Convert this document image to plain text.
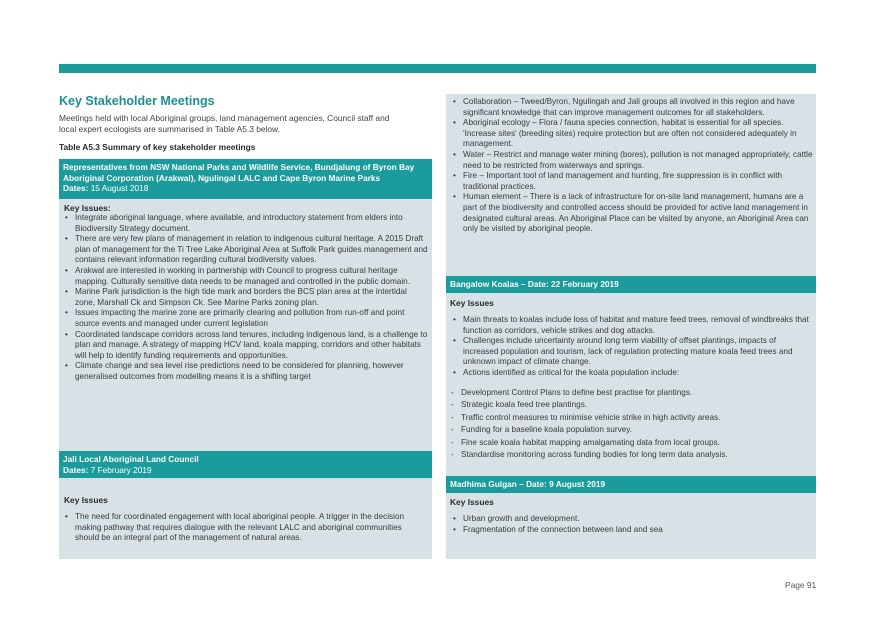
Key Stakeholder Meetings
Meetings held with local Aboriginal groups, land management agencies, Council staff and local expert ecologists are summarised in Table A5.3 below.
Table A5.3 Summary of key stakeholder meetings
Representatives from NSW National Parks and Wildlife Service, Bundjalung of Byron Bay Aboriginal Corporation (Arakwal), Ngulingal LALC and Cape Byron Marine Parks
Dates: 15 August 2018
Key Issues:
• Integrate aboriginal language, where available, and introductory statement from elders into Biodiversity Strategy document.
• There are very few plans of management in relation to indigenous cultural heritage. A 2015 Draft plan of management for the Ti Tree Lake Aboriginal Area at Suffolk Park guides management and contains relevant information regarding cultural biodiversity values.
• Arakwal are interested in working in partnership with Council to progress cultural heritage mapping. Culturally sensitive data needs to be managed and controlled in the public domain.
• Marine Park jurisdiction is the high tide mark and borders the BCS plan area at the intertidal zone, Marshall Ck and Simpson Ck. See Marine Parks zoning plan.
• Issues impacting the marine zone are primarily clearing and pollution from run-off and point source events and managed under current legislation
• Coordinated landscape corridors across land tenures, including indigenous land, is a challenge to plan and manage. A strategy of mapping HCV land, koala mapping, corridors and other habitats will help to identify funding requirements and opportunities.
• Climate change and sea level rise predictions need to be considered for planning, however generalised outcomes from modelling means it is a shifting target
Jali Local Aboriginal Land Council
Dates: 7 February 2019
Key Issues
• The need for coordinated engagement with local aboriginal people. A trigger in the decision making pathway that requires dialogue with the relevant LALC and aboriginal communities should be an integral part of the management of natural areas.
• Collaboration – Tweed/Byron, Ngulingah and Jali groups all involved in this region and have significant knowledge that can improve management outcomes for all stakeholders.
• Aboriginal ecology – Flora / fauna species connection, habitat is essential for all species. 'Increase sites' (breeding sites) require protection but are often not considered adequately in management.
• Water – Restrict and manage water mining (bores), pollution is not managed appropriately, cattle need to be restricted from waterways and springs.
• Fire – Important tool of land management and hunting, fire suppression is in conflict with traditional practices.
• Human element – There is a lack of infrastructure for on-site land management, humans are a part of the biodiversity and controlled access should be provided for active land management in designated cultural areas. An Aboriginal Place can be visited by anyone, an Aboriginal Area can only be visited by aboriginal people.
Bangalow Koalas – Date: 22 February 2019
Key Issues
• Main threats to koalas include loss of habitat and mature feed trees, removal of windbreaks that function as corridors, vehicle strikes and dog attacks.
• Challenges include uncertainty around long term viability of offset plantings, impacts of increased population and tourism, lack of regulation protecting mature koala feed trees and unknown impact of climate change.
• Actions identified as critical for the koala population include:
- Development Control Plans to define best practise for plantings.
- Strategic koala feed tree plantings.
- Traffic control measures to minimise vehicle strike in high activity areas.
- Funding for a baseline koala population survey.
- Fine scale koala habitat mapping amalgamating data from local groups.
- Standardise monitoring across funding bodies for long term data analysis.
Madhima Gulgan – Date: 9 August 2019
Key Issues
• Urban growth and development.
• Fragmentation of the connection between land and sea
Page 91
